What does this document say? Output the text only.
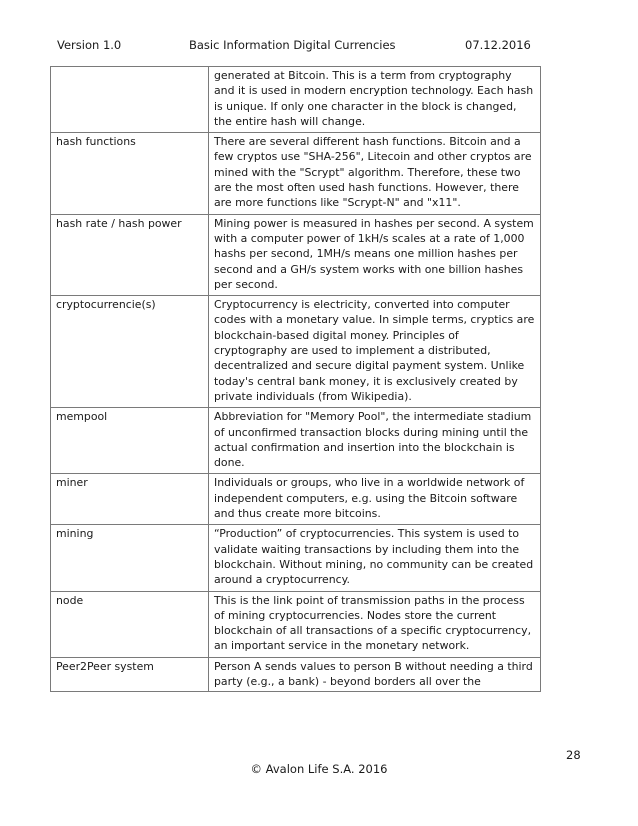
Version 1.0	Basic Information Digital Currencies	07.12.2016
	generated at Bitcoin. This is a term from cryptography and it is used in modern encryption technology. Each hash is unique. If only one character in the block is changed, the entire hash will change.
hash functions	There are several different hash functions. Bitcoin and a few cryptos use "SHA-256", Litecoin and other cryptos are mined with the "Scrypt" algorithm. Therefore, these two are the most often used hash functions. However, there are more functions like "Scrypt-N" and "x11".
hash rate / hash power	Mining power is measured in hashes per second. A system with a computer power of 1kH/s scales at a rate of 1,000 hashs per second, 1MH/s means one million hashes per second and a GH/s system works with one billion hashes per second.
cryptocurrencie(s)	Cryptocurrency is electricity, converted into computer codes with a monetary value. In simple terms, cryptics are blockchain-based digital money. Principles of cryptography are used to implement a distributed, decentralized and secure digital payment system. Unlike today's central bank money, it is exclusively created by private individuals (from Wikipedia).
mempool	Abbreviation for "Memory Pool", the intermediate stadium of unconfirmed transaction blocks during mining until the actual confirmation and insertion into the blockchain is done.
miner	Individuals or groups, who live in a worldwide network of independent computers, e.g. using the Bitcoin software and thus create more bitcoins.
mining	“Production” of cryptocurrencies. This system is used to validate waiting transactions by including them into the blockchain. Without mining, no community can be created around a cryptocurrency.
node	This is the link point of transmission paths in the process of mining cryptocurrencies. Nodes store the current blockchain of all transactions of a specific cryptocurrency, an important service in the monetary network.
Peer2Peer system	Person A sends values to person B without needing a third party (e.g., a bank) - beyond borders all over the
28
© Avalon Life S.A. 2016
